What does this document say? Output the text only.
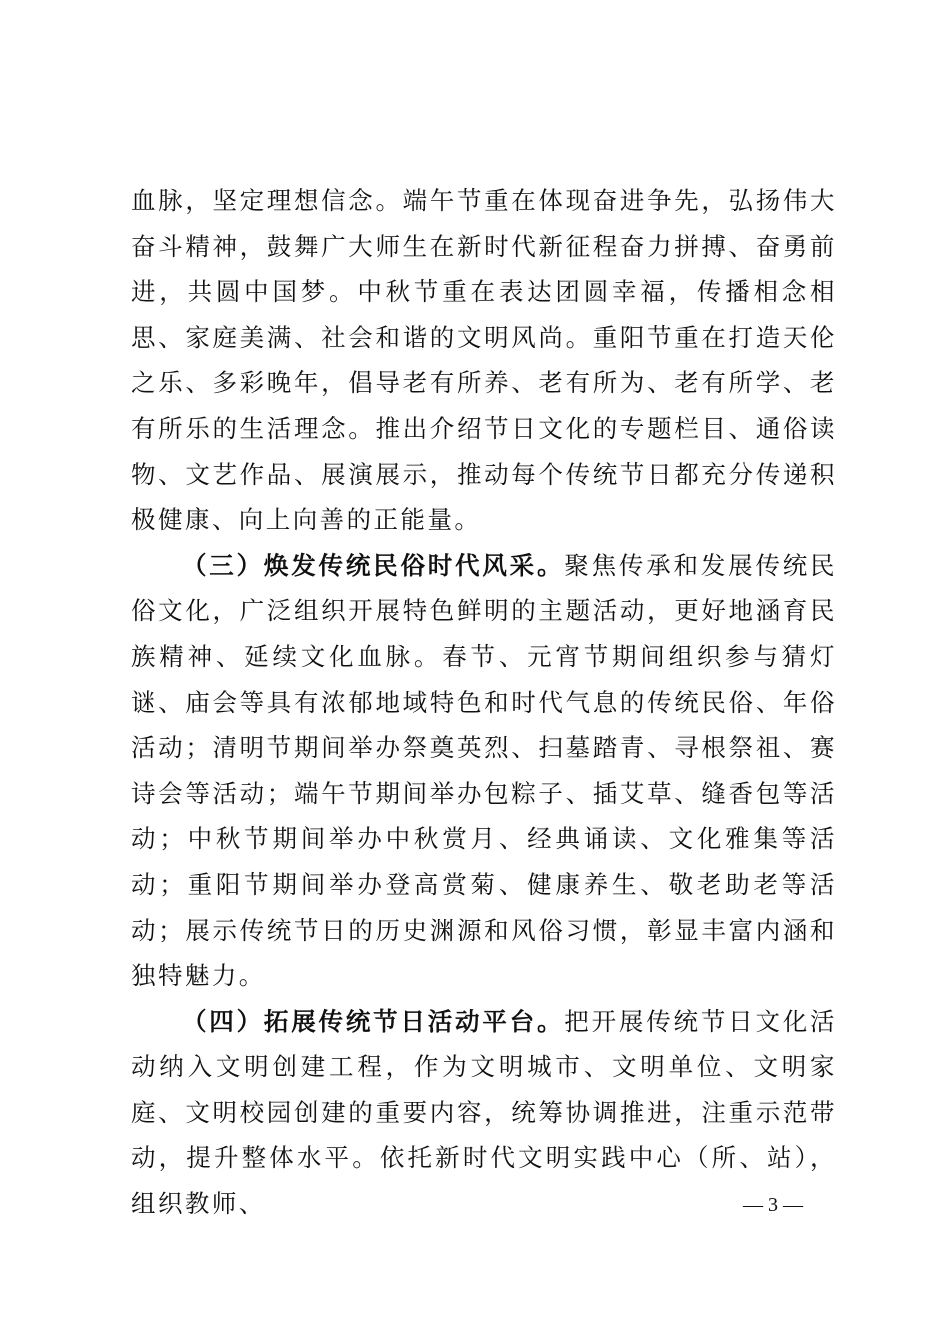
血脉，坚定理想信念。端午节重在体现奋进争先，弘扬伟大奋斗精神，鼓舞广大师生在新时代新征程奋力拼搏、奋勇前进，共圆中国梦。中秋节重在表达团圆幸福，传播相念相思、家庭美满、社会和谐的文明风尚。重阳节重在打造天伦之乐、多彩晚年，倡导老有所养、老有所为、老有所学、老有所乐的生活理念。推出介绍节日文化的专题栏目、通俗读物、文艺作品、展演展示，推动每个传统节日都充分传递积极健康、向上向善的正能量。

（三）焕发传统民俗时代风采。聚焦传承和发展传统民俗文化，广泛组织开展特色鲜明的主题活动，更好地涵育民族精神、延续文化血脉。春节、元宵节期间组织参与猜灯谜、庙会等具有浓郁地域特色和时代气息的传统民俗、年俗活动；清明节期间举办祭奠英烈、扫墓踏青、寻根祭祖、赛诗会等活动；端午节期间举办包粽子、插艾草、缝香包等活动；中秋节期间举办中秋赏月、经典诵读、文化雅集等活动；重阳节期间举办登高赏菊、健康养生、敬老助老等活动；展示传统节日的历史渊源和风俗习惯，彰显丰富内涵和独特魅力。

（四）拓展传统节日活动平台。把开展传统节日文化活动纳入文明创建工程，作为文明城市、文明单位、文明家庭、文明校园创建的重要内容，统筹协调推进，注重示范带动，提升整体水平。依托新时代文明实践中心（所、站），组织教师、	— 3 —
